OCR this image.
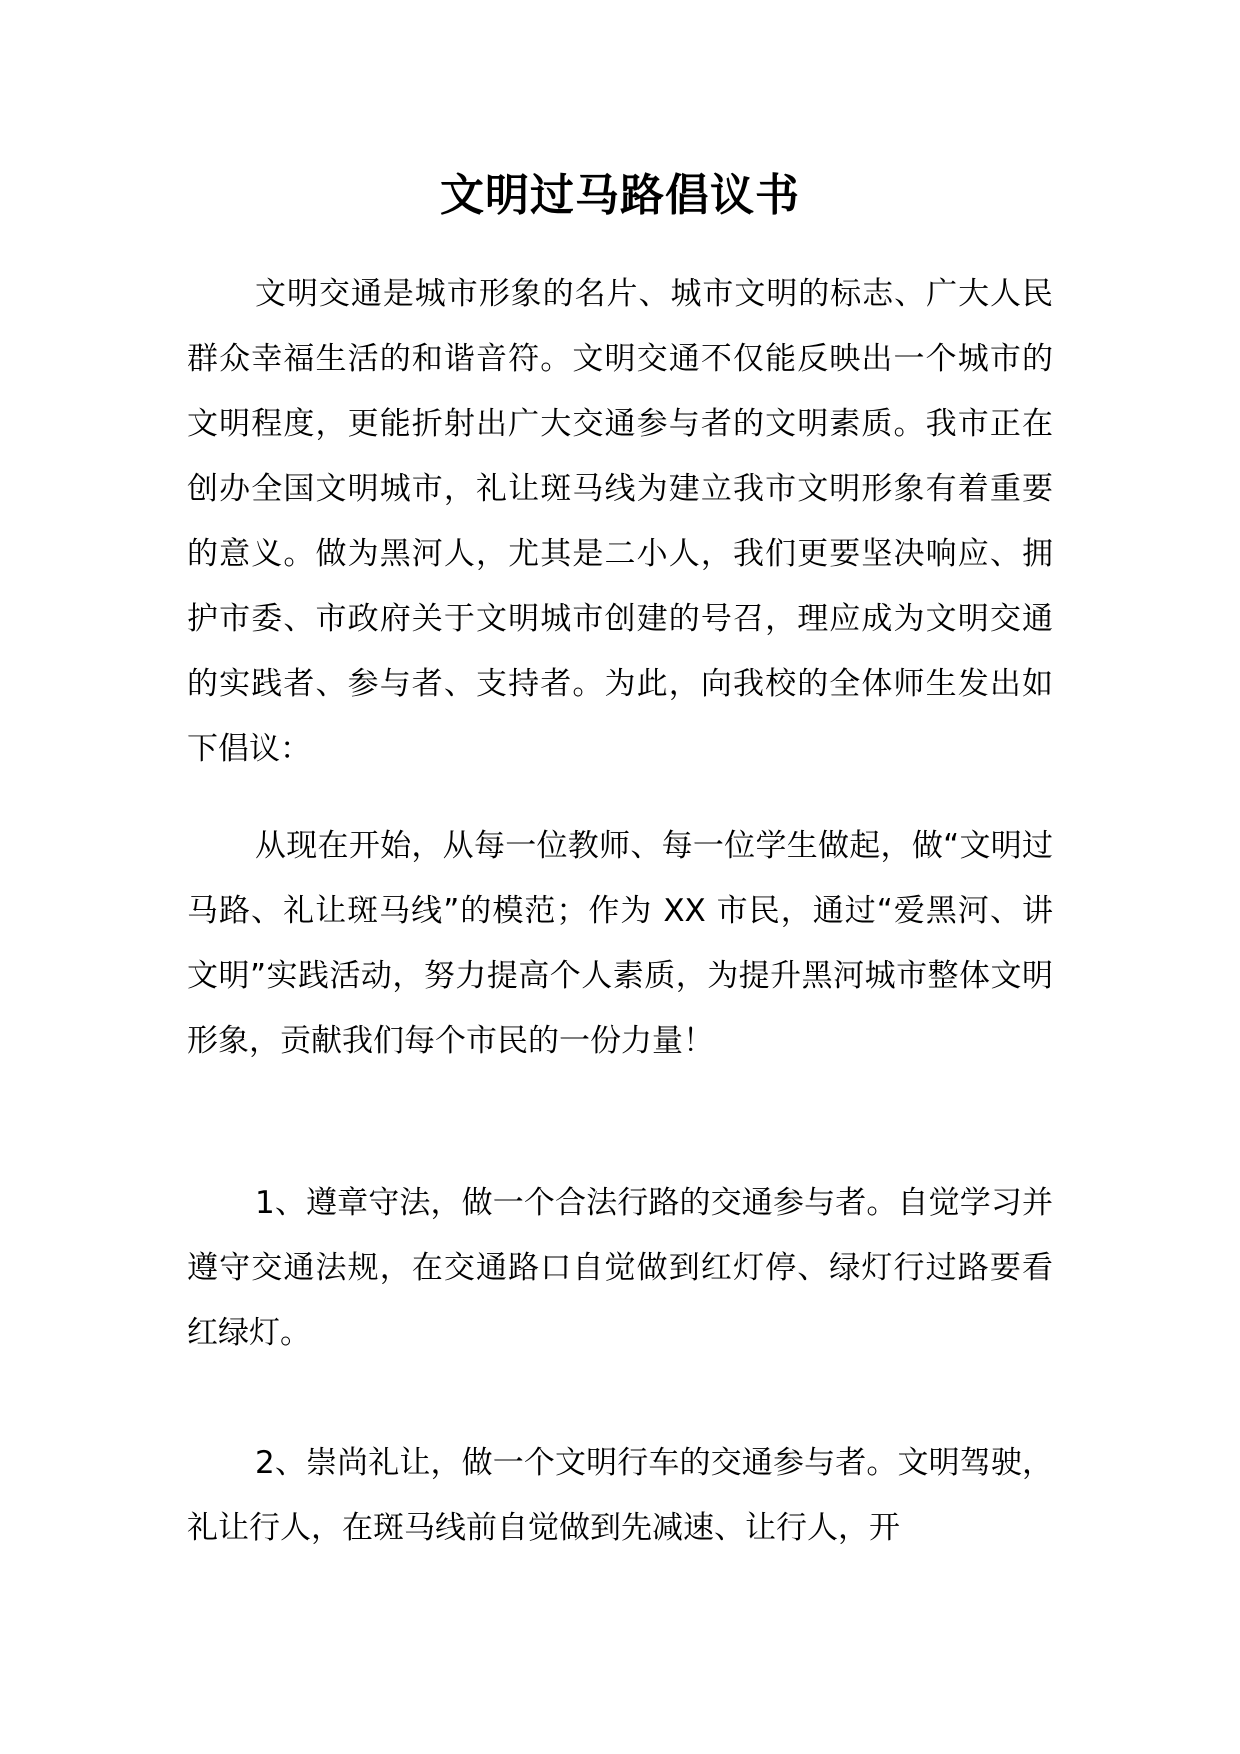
文明过马路倡议书

文明交通是城市形象的名片、城市文明的标志、广大人民群众幸福生活的和谐音符。文明交通不仅能反映出一个城市的文明程度，更能折射出广大交通参与者的文明素质。我市正在创办全国文明城市，礼让斑马线为建立我市文明形象有着重要的意义。做为黑河人，尤其是二小人，我们更要坚决响应、拥护市委、市政府关于文明城市创建的号召，理应成为文明交通的实践者、参与者、支持者。为此，向我校的全体师生发出如下倡议：

从现在开始，从每一位教师、每一位学生做起，做“文明过马路、礼让斑马线”的模范；作为 XX 市民，通过“爱黑河、讲文明”实践活动，努力提高个人素质，为提升黑河城市整体文明形象，贡献我们每个市民的一份力量！

1、遵章守法，做一个合法行路的交通参与者。自觉学习并遵守交通法规，在交通路口自觉做到红灯停、绿灯行过路要看红绿灯。

2、崇尚礼让，做一个文明行车的交通参与者。文明驾驶，礼让行人，在斑马线前自觉做到先减速、让行人，开
